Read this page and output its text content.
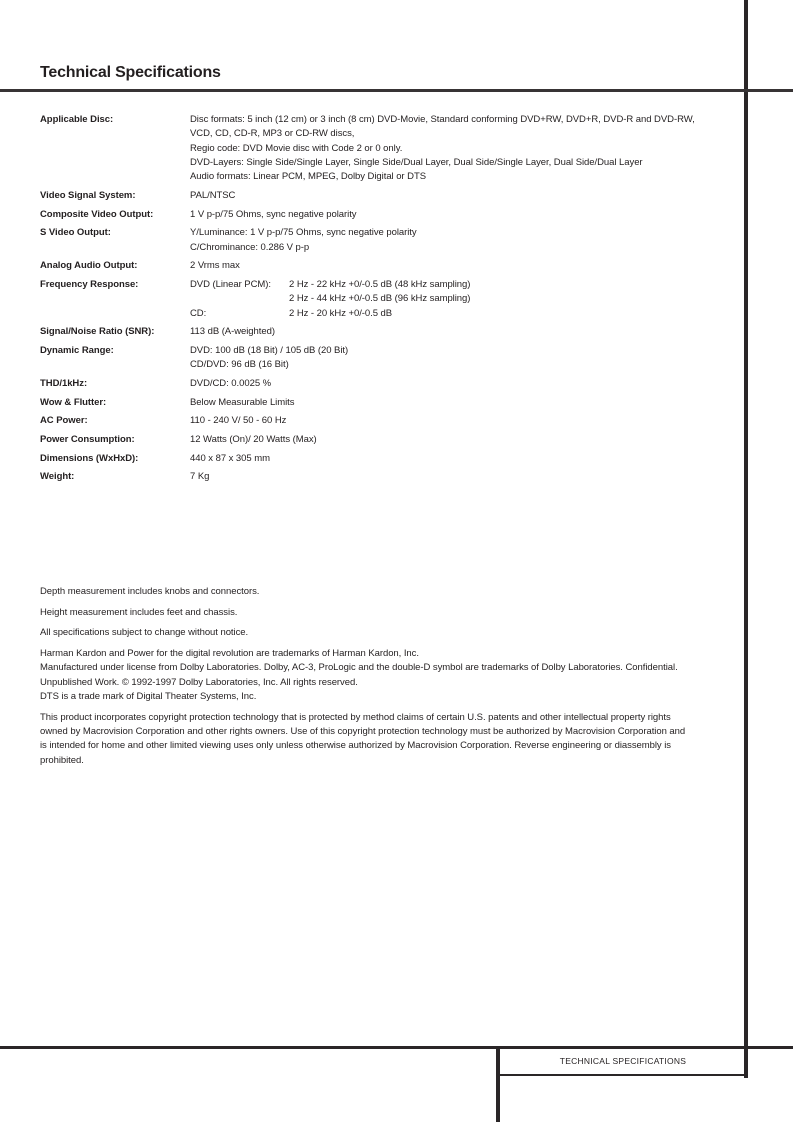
Technical Specifications
Applicable Disc:	Disc formats: 5 inch (12 cm) or 3 inch (8 cm) DVD-Movie, Standard conforming DVD+RW, DVD+R, DVD-R and DVD-RW,
VCD, CD, CD-R, MP3 or CD-RW discs,
Regio code: DVD Movie disc with Code 2 or 0 only.
DVD-Layers: Single Side/Single Layer, Single Side/Dual Layer, Dual Side/Single Layer, Dual Side/Dual Layer
Audio formats: Linear PCM, MPEG, Dolby Digital or DTS
Video Signal System:	PAL/NTSC
Composite Video Output:	1 V p-p/75 Ohms, sync negative polarity
S Video Output:	Y/Luminance: 1 V p-p/75 Ohms, sync negative polarity
C/Chrominance: 0.286 V p-p
Analog Audio Output:	2 Vrms max
Frequency Response:	DVD (Linear PCM):	2 Hz - 22 kHz +0/-0.5 dB (48 kHz sampling)
2 Hz - 44 kHz +0/-0.5 dB (96 kHz sampling)
CD:	2 Hz - 20 kHz +0/-0.5 dB
Signal/Noise Ratio (SNR):	113 dB (A-weighted)
Dynamic Range:	DVD: 100 dB (18 Bit) / 105 dB (20 Bit)
CD/DVD: 96 dB (16 Bit)
THD/1kHz:	DVD/CD: 0.0025 %
Wow & Flutter:	Below Measurable Limits
AC Power:	110 - 240 V/ 50 - 60 Hz
Power Consumption:	12 Watts (On)/ 20 Watts (Max)
Dimensions (WxHxD):	440 x 87 x 305 mm
Weight:	7 Kg
Depth measurement includes knobs and connectors.
Height measurement includes feet and chassis.
All specifications subject to change without notice.
Harman Kardon and Power for the digital revolution are trademarks of Harman Kardon, Inc.
Manufactured under license from Dolby Laboratories. Dolby, AC-3, ProLogic and the double-D symbol are trademarks of Dolby Laboratories. Confidential.
Unpublished Work. © 1992-1997 Dolby Laboratories, Inc. All rights reserved.
DTS is a trade mark of Digital Theater Systems, Inc.
This product incorporates copyright protection technology that is protected by method claims of certain U.S. patents and other intellectual property rights
owned by Macrovision Corporation and other rights owners. Use of this copyright protection technology must be authorized by Macrovision Corporation and
is intended for home and other limited viewing uses only unless otherwise authorized by Macrovision Corporation. Reverse engineering or diassembly is
prohibited.
TECHNICAL SPECIFICATIONS
